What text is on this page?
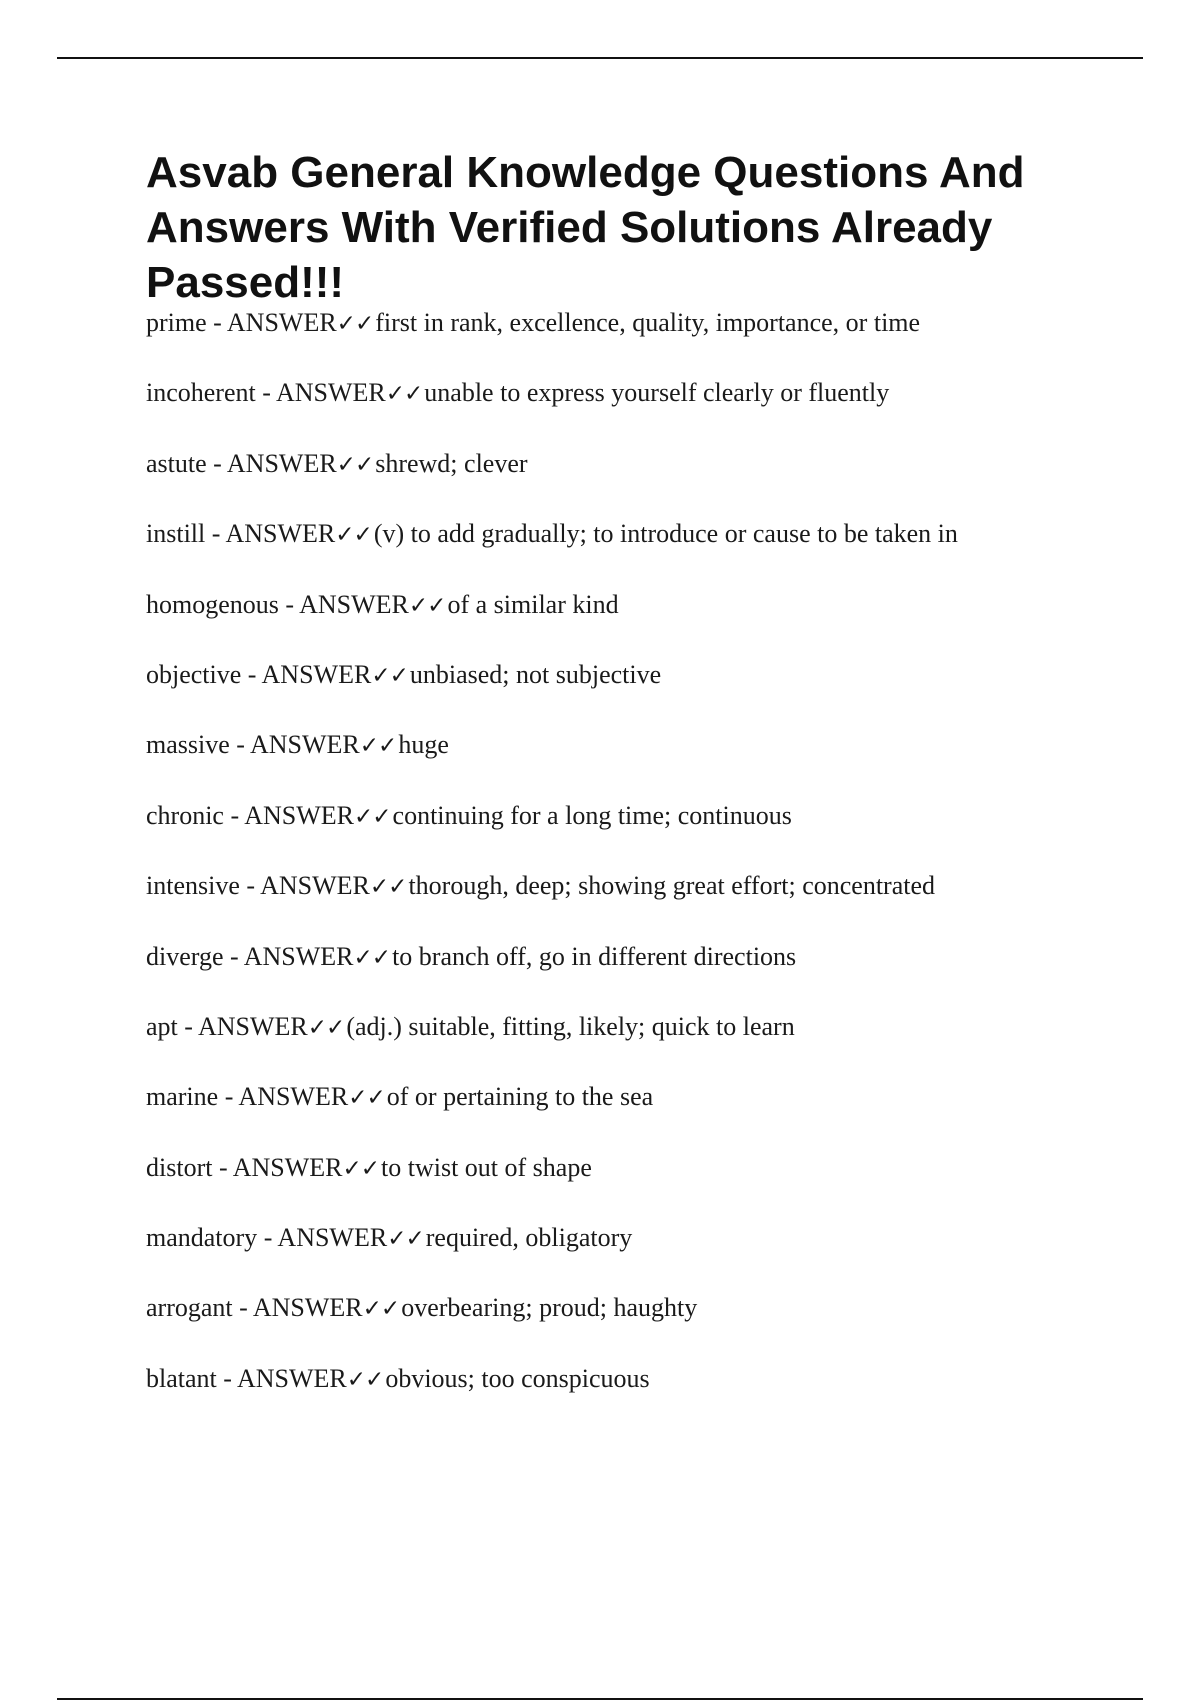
Asvab General Knowledge Questions And Answers With Verified Solutions Already Passed!!!
prime - ANSWER✓✓first in rank, excellence, quality, importance, or time
incoherent - ANSWER✓✓unable to express yourself clearly or fluently
astute - ANSWER✓✓shrewd; clever
instill - ANSWER✓✓(v) to add gradually; to introduce or cause to be taken in
homogenous - ANSWER✓✓of a similar kind
objective - ANSWER✓✓unbiased; not subjective
massive - ANSWER✓✓huge
chronic - ANSWER✓✓continuing for a long time; continuous
intensive - ANSWER✓✓thorough, deep; showing great effort; concentrated
diverge - ANSWER✓✓to branch off, go in different directions
apt - ANSWER✓✓(adj.) suitable, fitting, likely; quick to learn
marine - ANSWER✓✓of or pertaining to the sea
distort - ANSWER✓✓to twist out of shape
mandatory - ANSWER✓✓required, obligatory
arrogant - ANSWER✓✓overbearing; proud; haughty
blatant - ANSWER✓✓obvious; too conspicuous
